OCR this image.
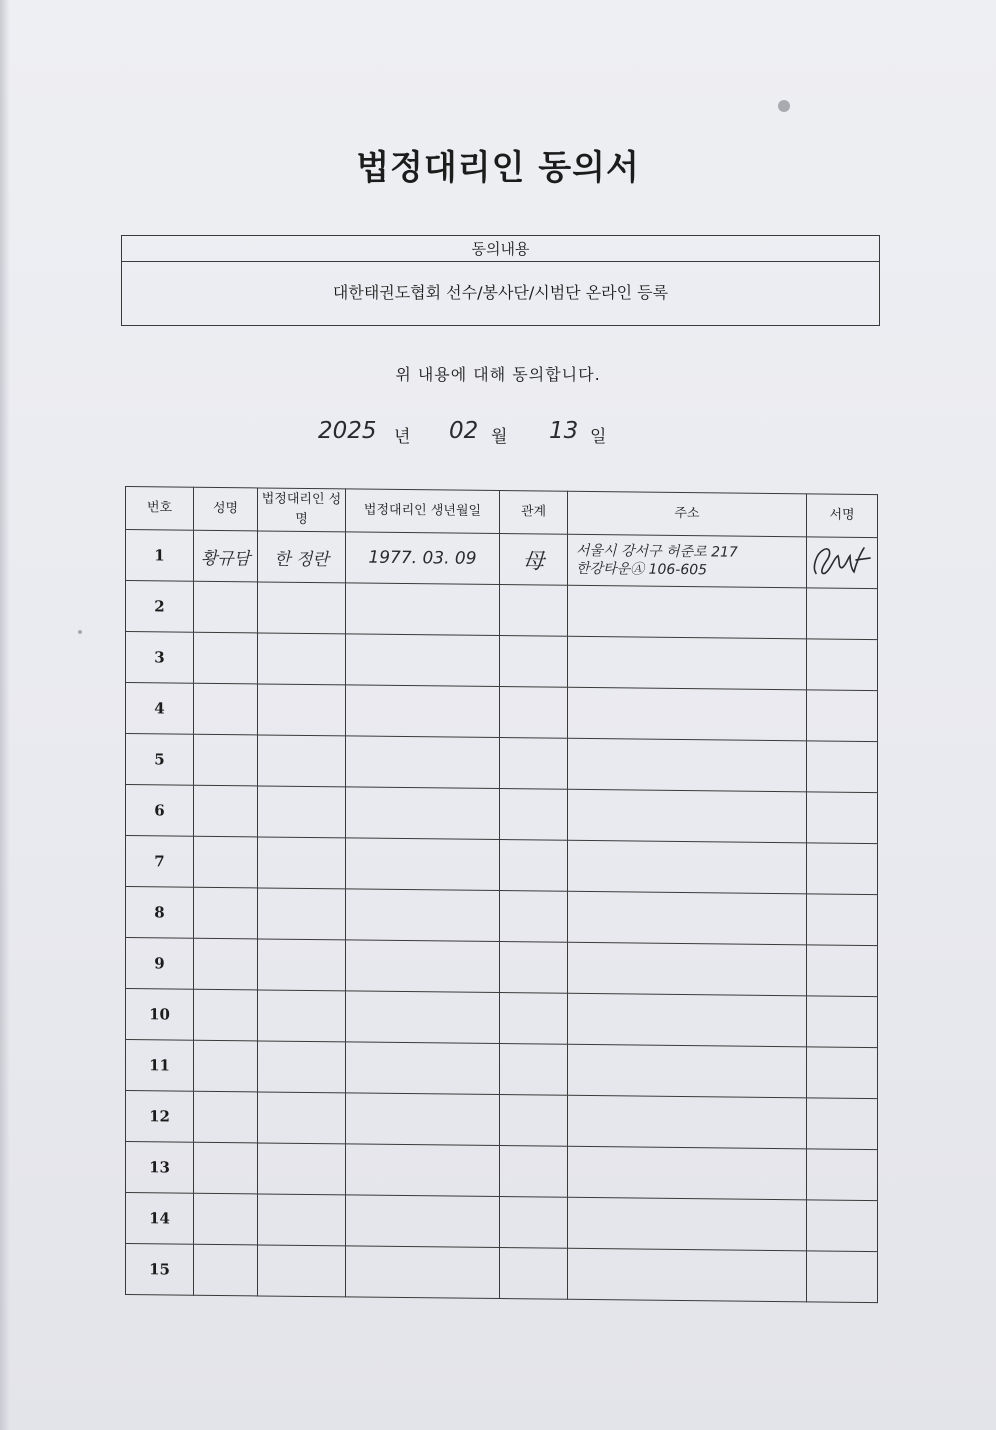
법정대리인 동의서
동의내용
대한태권도협회 선수/봉사단/시범단 온라인 등록
위 내용에 대해 동의합니다.
2025 년 02 월 13 일
번호	성명	법정대리인 성명	법정대리인 생년월일	관계	주소	서명
1	황규담	한 정란	1977. 03. 09	母	서울시 강서구 허준로 217
한강타운Ⓐ 106-605

2						
3						
4						
5						
6						
7						
8						
9						
10						
11						
12						
13						
14						
15						
